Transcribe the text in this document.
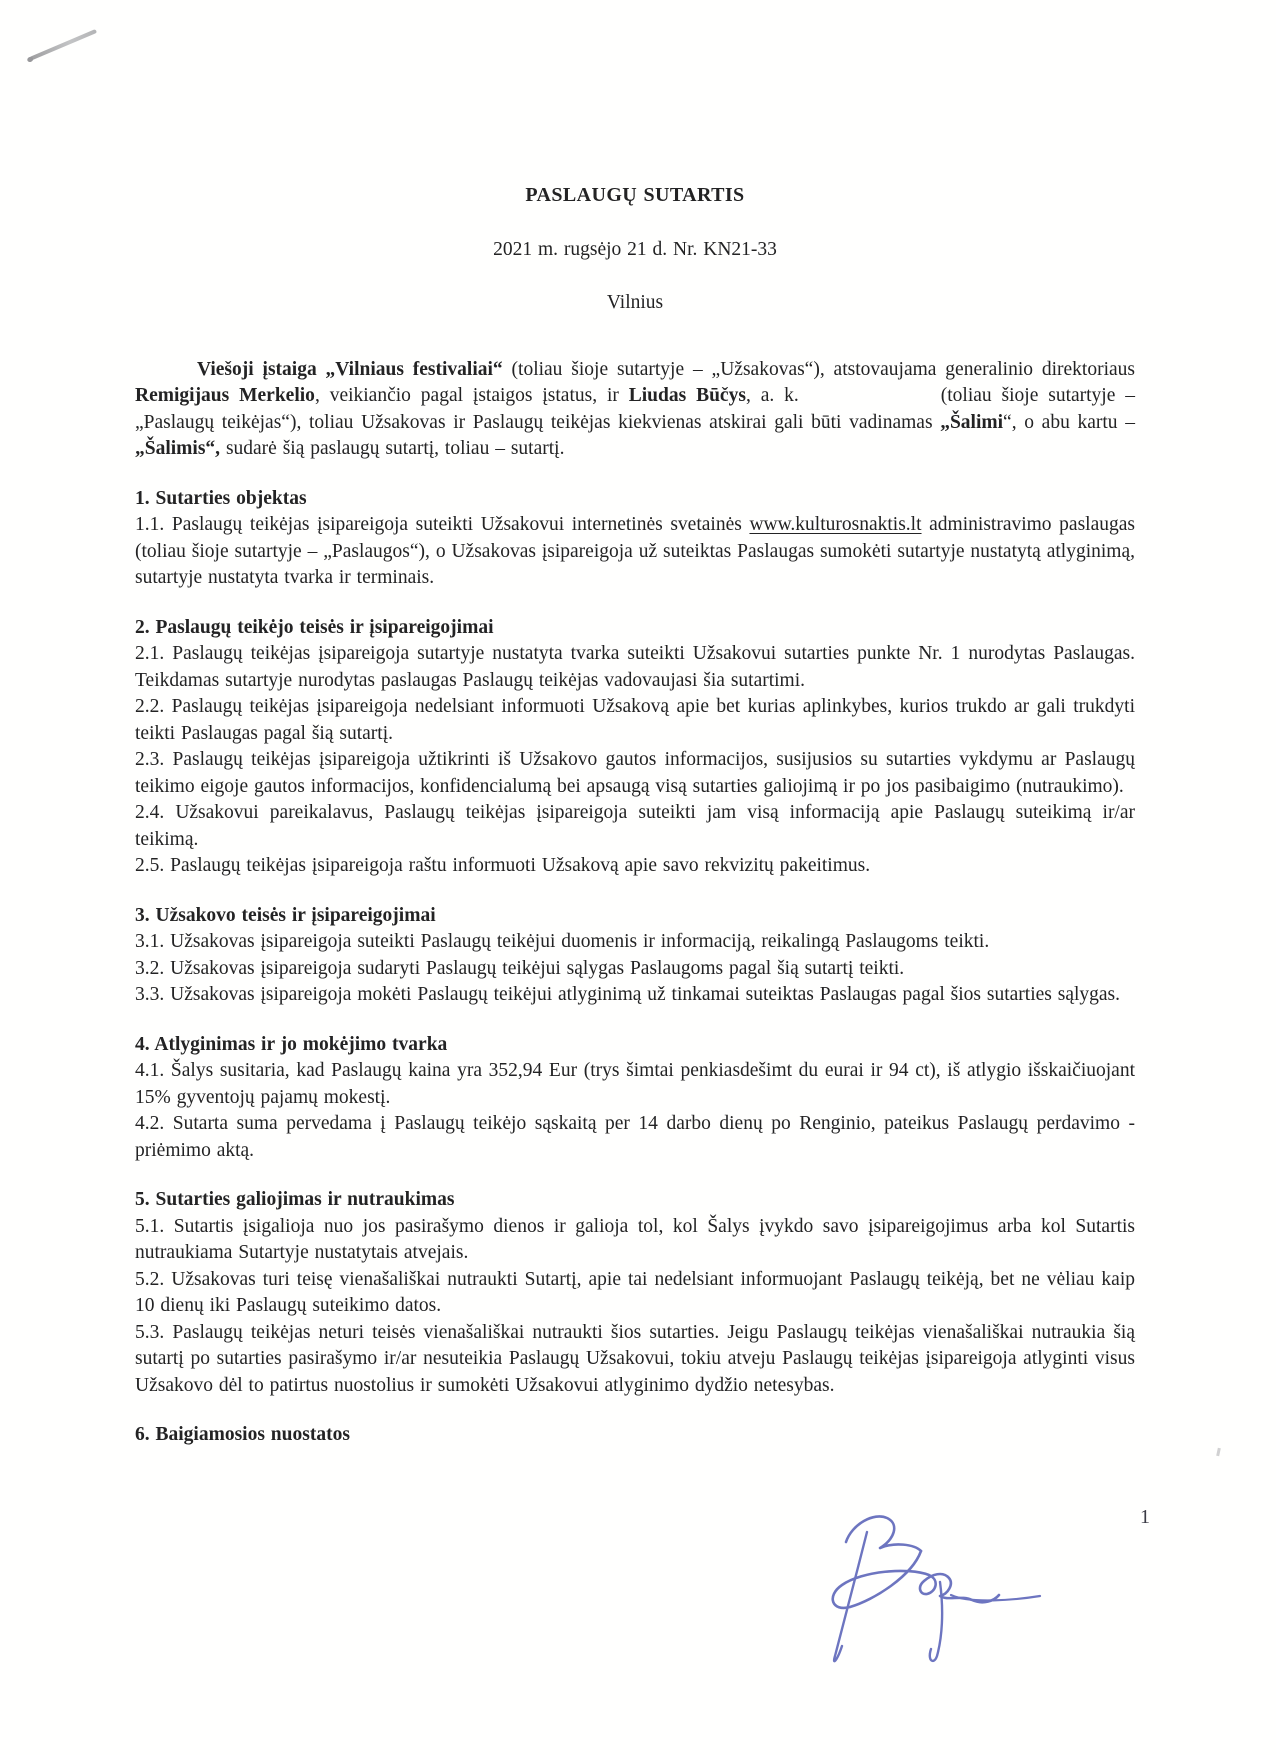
PASLAUGŲ SUTARTIS

2021 m. rugsėjo 21 d. Nr. KN21-33

Vilnius

Viešoji įstaiga „Vilniaus festivaliai“ (toliau šioje sutartyje – „Užsakovas“), atstovaujama generalinio direktoriaus Remigijaus Merkelio, veikiančio pagal įstaigos įstatus, ir Liudas Būčys, a. k.	(toliau šioje sutartyje – „Paslaugų teikėjas“), toliau Užsakovas ir Paslaugų teikėjas kiekvienas atskirai gali būti vadinamas „Šalimi“, o abu kartu – „Šalimis“, sudarė šią paslaugų sutartį, toliau – sutartį.

1. Sutarties objektas

1.1. Paslaugų teikėjas įsipareigoja suteikti Užsakovui internetinės svetainės www.kulturosnaktis.lt administravimo paslaugas (toliau šioje sutartyje – „Paslaugos“), o Užsakovas įsipareigoja už suteiktas Paslaugas sumokėti sutartyje nustatytą atlyginimą, sutartyje nustatyta tvarka ir terminais.

2. Paslaugų teikėjo teisės ir įsipareigojimai

2.1. Paslaugų teikėjas įsipareigoja sutartyje nustatyta tvarka suteikti Užsakovui sutarties punkte Nr. 1 nurodytas Paslaugas. Teikdamas sutartyje nurodytas paslaugas Paslaugų teikėjas vadovaujasi šia sutartimi.

2.2. Paslaugų teikėjas įsipareigoja nedelsiant informuoti Užsakovą apie bet kurias aplinkybes, kurios trukdo ar gali trukdyti teikti Paslaugas pagal šią sutartį.

2.3. Paslaugų teikėjas įsipareigoja užtikrinti iš Užsakovo gautos informacijos, susijusios su sutarties vykdymu ar Paslaugų teikimo eigoje gautos informacijos, konfidencialumą bei apsaugą visą sutarties galiojimą ir po jos pasibaigimo (nutraukimo).

2.4. Užsakovui pareikalavus, Paslaugų teikėjas įsipareigoja suteikti jam visą informaciją apie Paslaugų suteikimą ir/ar teikimą.

2.5. Paslaugų teikėjas įsipareigoja raštu informuoti Užsakovą apie savo rekvizitų pakeitimus.

3. Užsakovo teisės ir įsipareigojimai

3.1. Užsakovas įsipareigoja suteikti Paslaugų teikėjui duomenis ir informaciją, reikalingą Paslaugoms teikti.

3.2. Užsakovas įsipareigoja sudaryti Paslaugų teikėjui sąlygas Paslaugoms pagal šią sutartį teikti.

3.3. Užsakovas įsipareigoja mokėti Paslaugų teikėjui atlyginimą už tinkamai suteiktas Paslaugas pagal šios sutarties sąlygas.

4. Atlyginimas ir jo mokėjimo tvarka

4.1. Šalys susitaria, kad Paslaugų kaina yra 352,94 Eur (trys šimtai penkiasdešimt du eurai ir 94 ct), iš atlygio išskaičiuojant 15% gyventojų pajamų mokestį.

4.2. Sutarta suma pervedama į Paslaugų teikėjo sąskaitą per 14 darbo dienų po Renginio, pateikus Paslaugų perdavimo - priėmimo aktą.

5. Sutarties galiojimas ir nutraukimas

5.1. Sutartis įsigalioja nuo jos pasirašymo dienos ir galioja tol, kol Šalys įvykdo savo įsipareigojimus arba kol Sutartis nutraukiama Sutartyje nustatytais atvejais.

5.2. Užsakovas turi teisę vienašališkai nutraukti Sutartį, apie tai nedelsiant informuojant Paslaugų teikėją, bet ne vėliau kaip 10 dienų iki Paslaugų suteikimo datos.

5.3. Paslaugų teikėjas neturi teisės vienašališkai nutraukti šios sutarties. Jeigu Paslaugų teikėjas vienašališkai nutraukia šią sutartį po sutarties pasirašymo ir/ar nesuteikia Paslaugų Užsakovui, tokiu atveju Paslaugų teikėjas įsipareigoja atlyginti visus Užsakovo dėl to patirtus nuostolius ir sumokėti Užsakovui atlyginimo dydžio netesybas.

6. Baigiamosios nuostatos
1
